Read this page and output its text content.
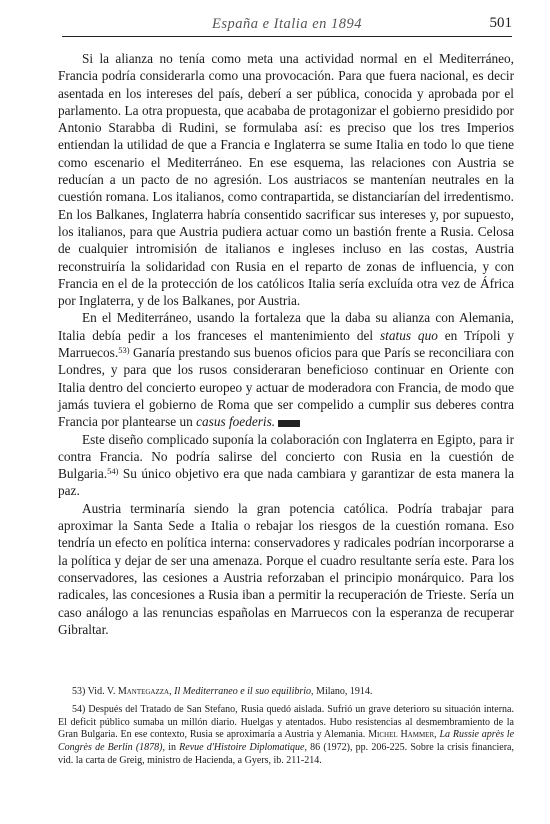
España e Italia en 1894	501

Si la alianza no tenía como meta una actividad normal en el Mediterráneo, Francia podría considerarla como una provocación. Para que fuera nacional, es decir asentada en los intereses del país, deberí a ser pública, conocida y aprobada por el parlamento. La otra propuesta, que acababa de protagonizar el gobierno presidido por Antonio Starabba di Rudini, se formulaba así: es preciso que los tres Imperios entiendan la utilidad de que a Francia e Inglaterra se sume Italia en todo lo que tiene como escenario el Mediterráneo. En ese esquema, las relaciones con Austria se reducían a un pacto de no agresión. Los austriacos se mantenían neutrales en la cuestión romana. Los italianos, como contrapartida, se distanciarían del irredentismo. En los Balkanes, Inglaterra habría consentido sacrificar sus intereses y, por supuesto, los italianos, para que Austria pudiera actuar como un bastión frente a Rusia. Celosa de cualquier intromisión de italianos e ingleses incluso en las costas, Austria reconstruiría la solidaridad con Rusia en el reparto de zonas de influencia, y con Francia en el de la protección de los católicos Italia sería excluída otra vez de África por Inglaterra, y de los Balkanes, por Austria.

En el Mediterráneo, usando la fortaleza que la daba su alianza con Alemania, Italia debía pedir a los franceses el mantenimiento del status quo en Trípoli y Marruecos.$^{53)}$ Ganaría prestando sus buenos oficios para que París se reconciliara con Londres, y para que los rusos consideraran beneficioso continuar en Oriente con Italia dentro del concierto europeo y actuar de moderadora con Francia, de modo que jamás tuviera el gobierno de Roma que ser compelido a cumplir sus deberes contra Francia por plantearse un casus foederis.

Este diseño complicado suponía la colaboración con Inglaterra en Egipto, para ir contra Francia. No podría salirse del concierto con Rusia en la cuestión de Bulgaria.$^{54)}$ Su único objetivo era que nada cambiara y garantizar de esta manera la paz.

Austria terminaría siendo la gran potencia católica. Podría trabajar para aproximar la Santa Sede a Italia o rebajar los riesgos de la cuestión romana. Eso tendría un efecto en política interna: conservadores y radicales podrían incorporarse a la política y dejar de ser una amenaza. Porque el cuadro resultante sería este. Para los conservadores, las cesiones a Austria reforzaban el principio monárquico. Para los radicales, las concesiones a Rusia iban a permitir la recuperación de Trieste. Sería un caso análogo a las renuncias españolas en Marruecos con la esperanza de recuperar Gibraltar.

53) Vid. V. Mantegazza, Il Mediterraneo e il suo equilibrio, Milano, 1914.

54) Después del Tratado de San Stefano, Rusia quedó aislada. Sufrió un grave deterioro su situación interna. El deficit público sumaba un millón diario. Huelgas y atentados. Hubo resistencias al desmembramiento de la Gran Bulgaria. En ese contexto, Rusia se aproximaría a Austria y Alemania. Michel Hammer, La Russie après le Congrès de Berlin (1878), in Revue d'Histoire Diplomatique, 86 (1972), pp. 206-225. Sobre la crisis financiera, vid. la carta de Greig, ministro de Hacienda, a Gyers, ib. 211-214.
